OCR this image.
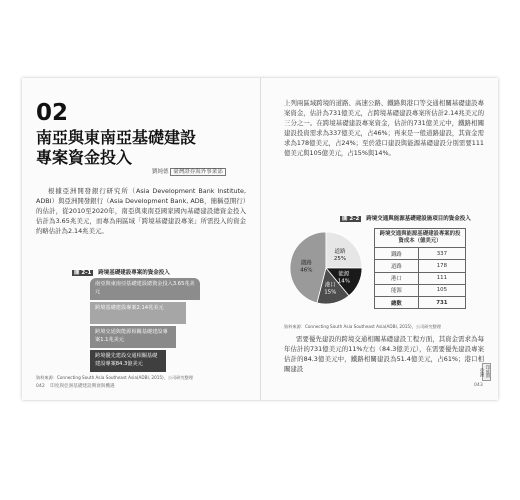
02
南亞與東南亞基礎建設
專案資金投入
劉純德 臺灣證券海外事業部
根據亞洲開發銀行研究所（Asia Development Bank Institute, ADBI）與亞洲開發銀行（Asia Development Bank, ADB，簡稱亞開行）的估計，從2010至2020年，南亞與東南亞國家國內基礎建設總資金投入估計為3.65兆美元，而專為兩區域「跨境基礎建設專案」所需投入的資金約略估計為2.14兆美元。
圖 2-1 跨境基礎建設專案的資金投入
南亞與東南亞基礎建設總資金投入3.65兆美元
跨境基礎建設專案2.14兆美元
跨境交通與能源相關基礎建設專案1.1兆美元
跨境優先建設交通相關基礎建設專案84.3億美元
資料來源：Connecting South Asia Southeast Asia(ADBI, 2015)，公司研究整理
042 印度與亞洲基礎建設興衰與機遇
上列兩區域跨境的道路、高速公路、鐵路與港口等交通相關基礎建設專案資金，估計為731億美元，占跨境基礎建設專案所估計2.14兆美元的三分之一。在跨境基礎建設專案資金，估計的731億美元中，鐵路相關建設投資需求為337億美元，占46%；再來是一般道路建設，其資金需求為178億美元，占24%；至於港口建設與能源基礎建設分別需要111億美元與105億美元，占15%與14%。
圖 2-2 跨境交通與能源基礎建設施項目的資金投入
鐵路
46%
道路
25%
能源
14%
港口
15%
跨境交通與能源基礎建設專案的投資成本（億美元）	
鐵路	337
道路	178
港口	111
能源	105
總數	731
資料來源：Connecting South Asia Southeast Asia(ADBI, 2015)，公司研究整理
需要優先建設的跨境交通相關基礎建設工程方面，其資金需求為每年估計的731億美元的11%左右（84.3億美元），在需要優先建設專案估計的84.3億美元中，鐵路相關建設為51.4億美元，占61%；港口相關建設
043
印度與亞洲
